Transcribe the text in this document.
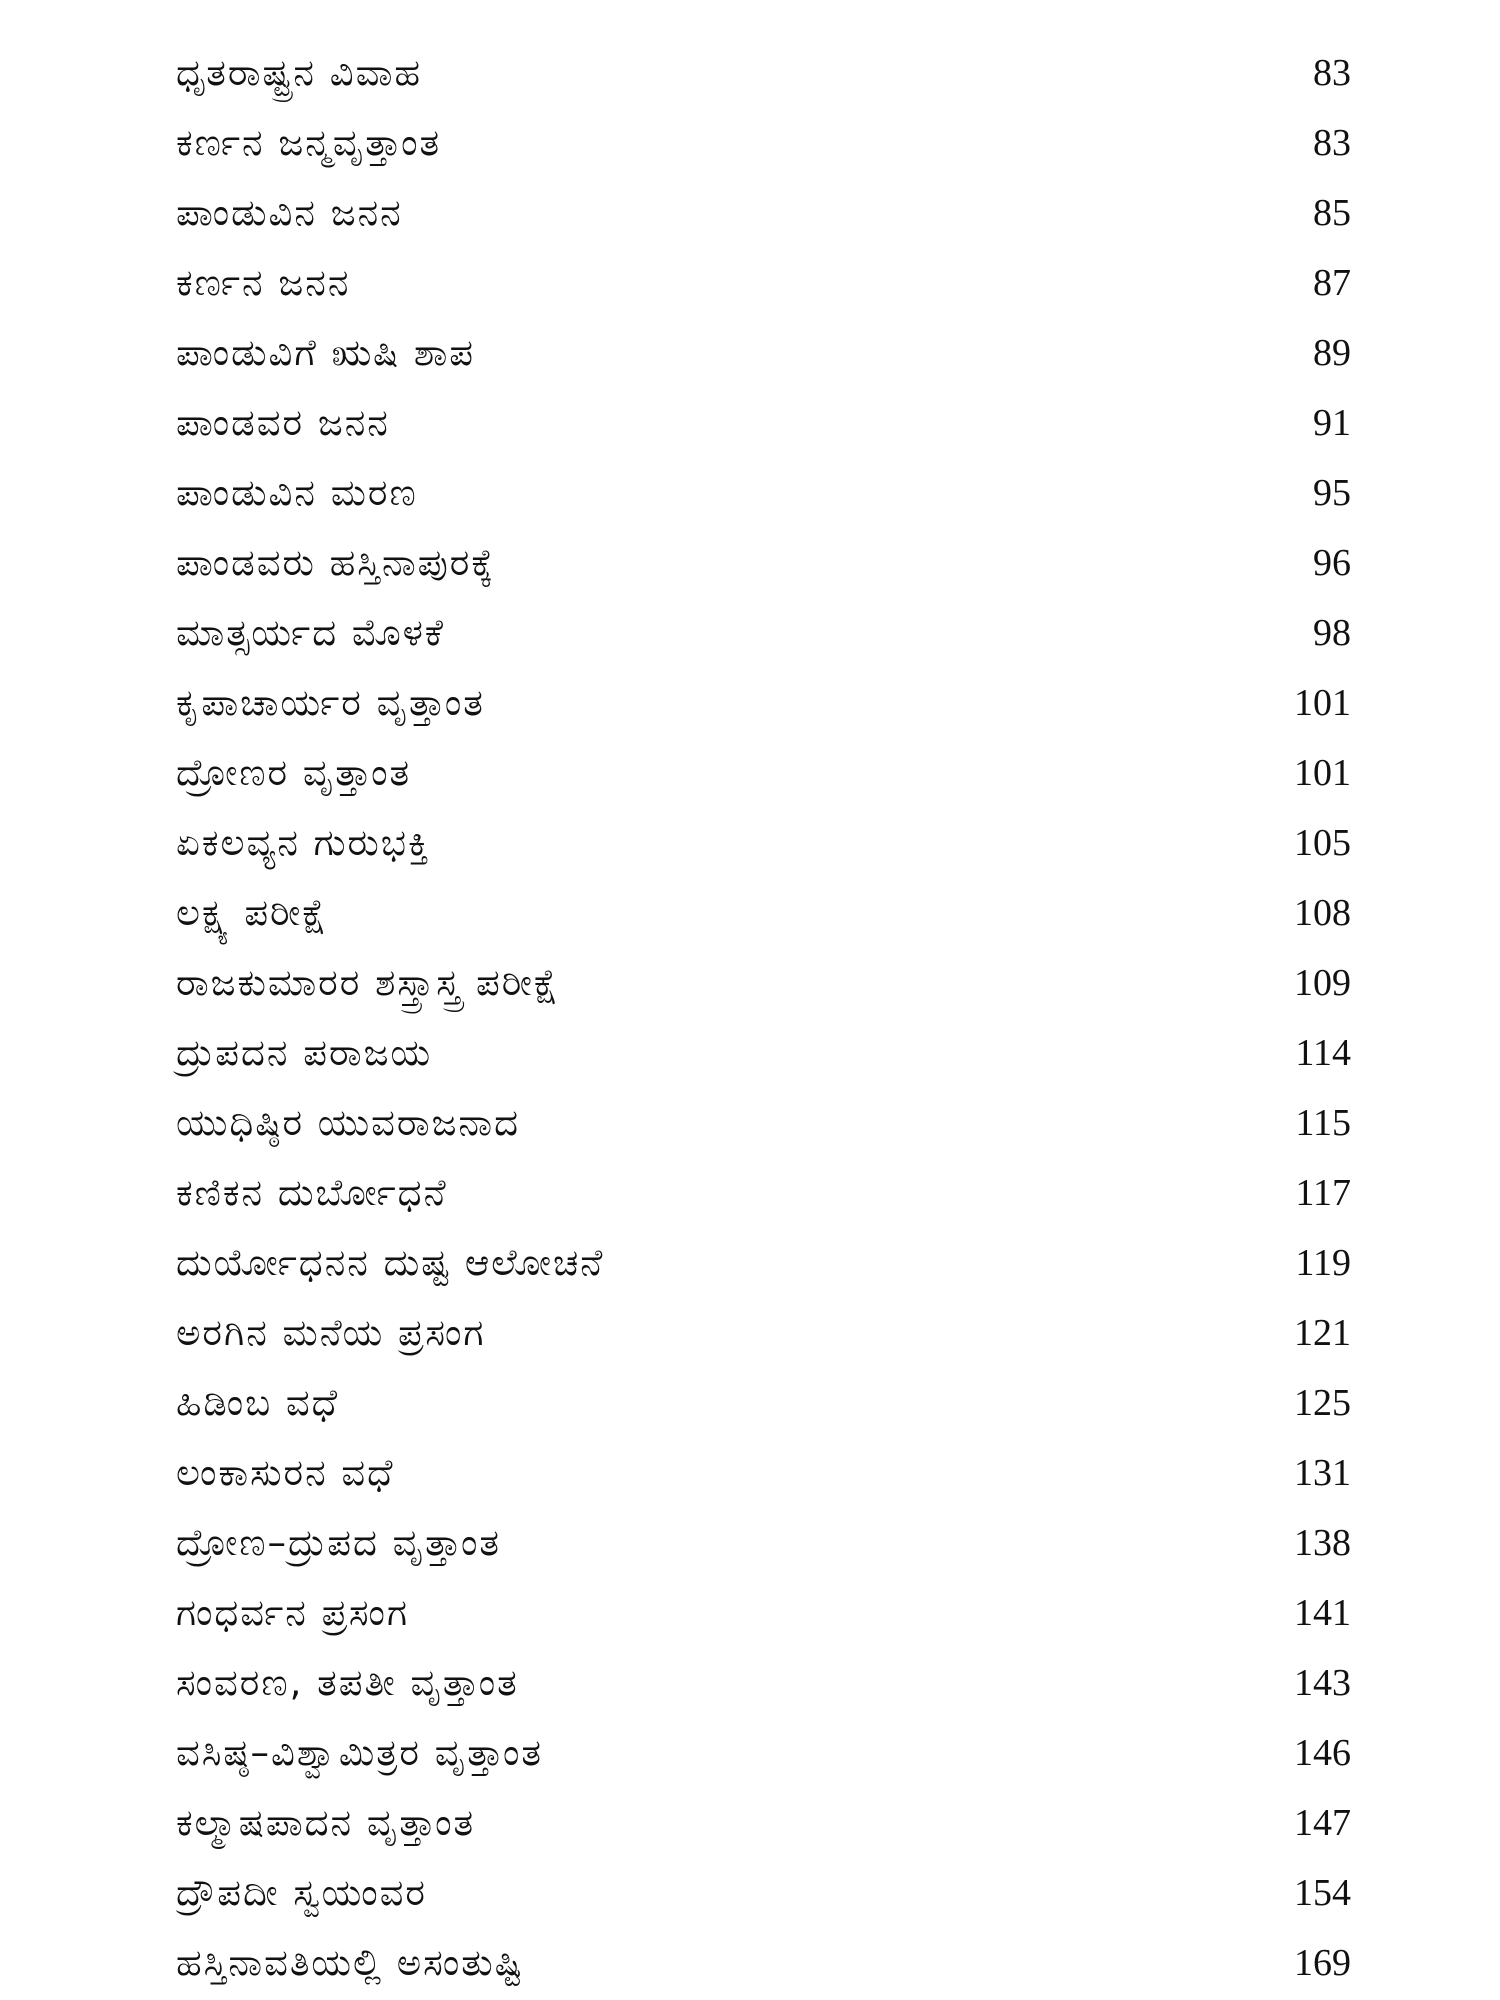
ಧೃತರಾಷ್ಟ್ರನ ವಿವಾಹ	83
ಕರ್ಣನ ಜನ್ಮವೃತ್ತಾಂತ	83
ಪಾಂಡುವಿನ ಜನನ	85
ಕರ್ಣನ ಜನನ	87
ಪಾಂಡುವಿಗೆ ಋಷಿ ಶಾಪ	89
ಪಾಂಡವರ ಜನನ	91
ಪಾಂಡುವಿನ ಮರಣ	95
ಪಾಂಡವರು ಹಸ್ತಿನಾಪುರಕ್ಕೆ	96
ಮಾತ್ಸರ್ಯದ ಮೊಳಕೆ	98
ಕೃಪಾಚಾರ್ಯರ ವೃತ್ತಾಂತ	101
ದ್ರೋಣರ ವೃತ್ತಾಂತ	101
ಏಕಲವ್ಯನ ಗುರುಭಕ್ತಿ	105
ಲಕ್ಷ್ಯ ಪರೀಕ್ಷೆ	108
ರಾಜಕುಮಾರರ ಶಸ್ತ್ರಾಸ್ತ್ರ ಪರೀಕ್ಷೆ	109
ದ್ರುಪದನ ಪರಾಜಯ	114
ಯುಧಿಷ್ಠಿರ ಯುವರಾಜನಾದ	115
ಕಣಿಕನ ದುರ್ಬೋಧನೆ	117
ದುರ್ಯೋಧನನ ದುಷ್ಟ ಆಲೋಚನೆ	119
ಅರಗಿನ ಮನೆಯ ಪ್ರಸಂಗ	121
ಹಿಡಿಂಬ ವಧೆ	125
ಲಂಕಾಸುರನ ವಧೆ	131
ದ್ರೋಣ–ದ್ರುಪದ ವೃತ್ತಾಂತ	138
ಗಂಧರ್ವನ ಪ್ರಸಂಗ	141
ಸಂವರಣ, ತಪತೀ ವೃತ್ತಾಂತ	143
ವಸಿಷ್ಠ–ವಿಶ್ವಾಮಿತ್ರರ ವೃತ್ತಾಂತ	146
ಕಲ್ಮಾಷಪಾದನ ವೃತ್ತಾಂತ	147
ದ್ರೌಪದೀ ಸ್ವಯಂವರ	154
ಹಸ್ತಿನಾವತಿಯಲ್ಲಿ ಅಸಂತುಷ್ಟಿ	169
